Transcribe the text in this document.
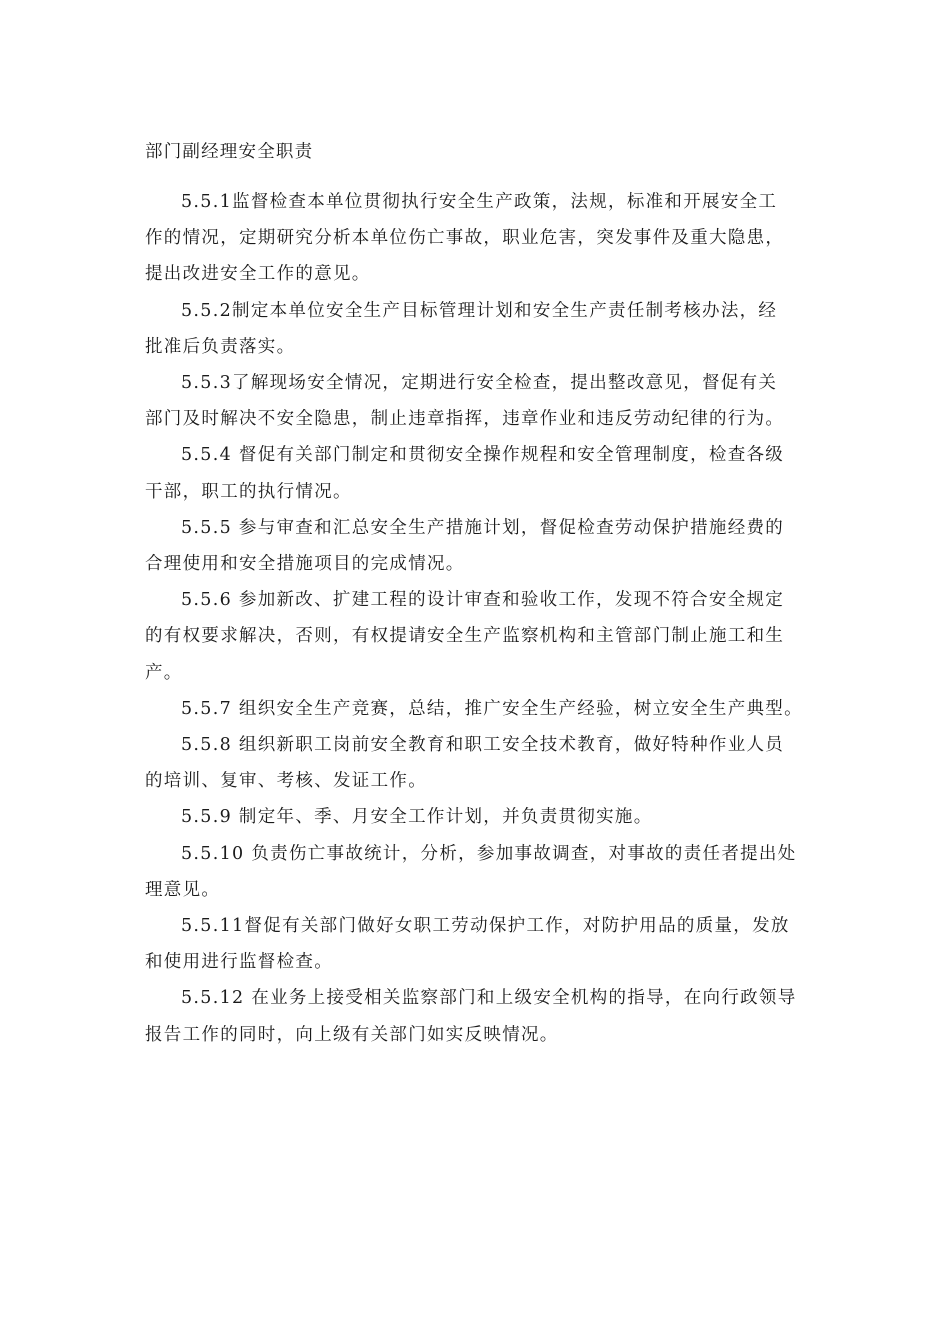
部门副经理安全职责
5.5.1监督检查本单位贯彻执行安全生产政策，法规，标准和开展安全工
作的情况，定期研究分析本单位伤亡事故，职业危害，突发事件及重大隐患，
提出改进安全工作的意见。
5.5.2制定本单位安全生产目标管理计划和安全生产责任制考核办法，经
批准后负责落实。
5.5.3了解现场安全情况，定期进行安全检查，提出整改意见，督促有关
部门及时解决不安全隐患，制止违章指挥，违章作业和违反劳动纪律的行为。
5.5.4 督促有关部门制定和贯彻安全操作规程和安全管理制度，检查各级
干部，职工的执行情况。
5.5.5 参与审查和汇总安全生产措施计划，督促检查劳动保护措施经费的
合理使用和安全措施项目的完成情况。
5.5.6 参加新改、扩建工程的设计审查和验收工作，发现不符合安全规定
的有权要求解决，否则，有权提请安全生产监察机构和主管部门制止施工和生
产。
5.5.7 组织安全生产竞赛，总结，推广安全生产经验，树立安全生产典型。
5.5.8 组织新职工岗前安全教育和职工安全技术教育，做好特种作业人员
的培训、复审、考核、发证工作。
5.5.9 制定年、季、月安全工作计划，并负责贯彻实施。
5.5.10 负责伤亡事故统计，分析，参加事故调查，对事故的责任者提出处
理意见。
5.5.11督促有关部门做好女职工劳动保护工作，对防护用品的质量，发放
和使用进行监督检查。
5.5.12 在业务上接受相关监察部门和上级安全机构的指导，在向行政领导
报告工作的同时，向上级有关部门如实反映情况。
